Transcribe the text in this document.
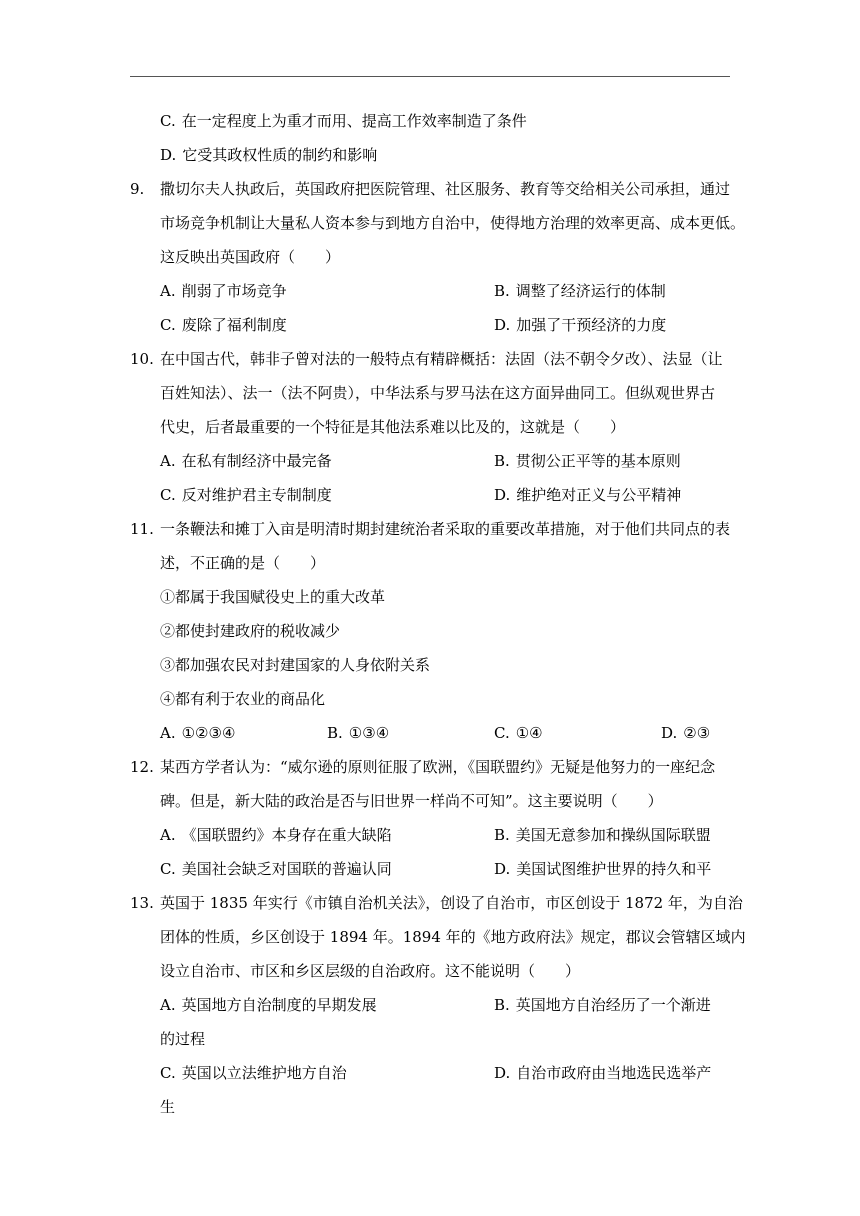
C. 在一定程度上为重才而用、提高工作效率制造了条件
D. 它受其政权性质的制约和影响
9. 撒切尔夫人执政后，英国政府把医院管理、社区服务、教育等交给相关公司承担，通过
市场竞争机制让大量私人资本参与到地方自治中，使得地方治理的效率更高、成本更低。
这反映出英国政府（　　）
A. 削弱了市场竞争	B. 调整了经济运行的体制
C. 废除了福利制度	D. 加强了干预经济的力度
10. 在中国古代，韩非子曾对法的一般特点有精辟概括：法固（法不朝令夕改）、法显（让
百姓知法）、法一（法不阿贵），中华法系与罗马法在这方面异曲同工。但纵观世界古
代史，后者最重要的一个特征是其他法系难以比及的，这就是（　　）
A. 在私有制经济中最完备	B. 贯彻公正平等的基本原则
C. 反对维护君主专制制度	D. 维护绝对正义与公平精神
11. 一条鞭法和摊丁入亩是明清时期封建统治者采取的重要改革措施，对于他们共同点的表
述，不正确的是（　　）
①都属于我国赋役史上的重大改革
②都使封建政府的税收减少
③都加强农民对封建国家的人身依附关系
④都有利于农业的商品化
A. ①②③④	B. ①③④	C. ①④	D. ②③
12. 某西方学者认为：“威尔逊的原则征服了欧洲，《国联盟约》无疑是他努力的一座纪念
碑。但是，新大陆的政治是否与旧世界一样尚不可知”。这主要说明（　　）
A. 《国联盟约》本身存在重大缺陷	B. 美国无意参加和操纵国际联盟
C. 美国社会缺乏对国联的普遍认同	D. 美国试图维护世界的持久和平
13. 英国于 1835 年实行《市镇自治机关法》，创设了自治市，市区创设于 1872 年，为自治
团体的性质，乡区创设于 1894 年。1894 年的《地方政府法》规定，郡议会管辖区域内
设立自治市、市区和乡区层级的自治政府。这不能说明（　　）
A. 英国地方自治制度的早期发展	B. 英国地方自治经历了一个渐进
的过程
C. 英国以立法维护地方自治	D. 自治市政府由当地选民选举产
生
